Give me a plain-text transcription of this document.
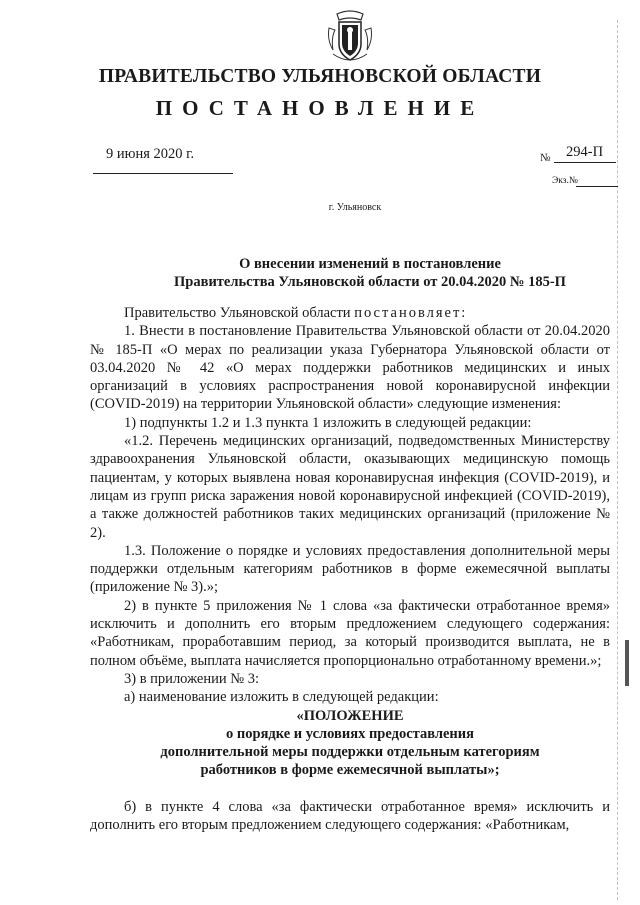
ПРАВИТЕЛЬСТВО УЛЬЯНОВСКОЙ ОБЛАСТИ
ПОСТАНОВЛЕНИЕ
9 июня 2020 г.	№ 294-П
Экз.№
г. Ульяновск
О внесении изменений в постановление
Правительства Ульяновской области от 20.04.2020 № 185-П

Правительство Ульяновской области постановляет:

1. Внести в постановление Правительства Ульяновской области от 20.04.2020 № 185-П «О мерах по реализации указа Губернатора Ульяновской области от 03.04.2020 № 42 «О мерах поддержки работников медицинских и иных организаций в условиях распространения новой коронавирусной инфекции (COVID-2019) на территории Ульяновской области» следующие изменения:

1) подпункты 1.2 и 1.3 пункта 1 изложить в следующей редакции:

«1.2. Перечень медицинских организаций, подведомственных Министерству здравоохранения Ульяновской области, оказывающих медицинскую помощь пациентам, у которых выявлена новая коронавирусная инфекция (COVID-2019), и лицам из групп риска заражения новой коронавирусной инфекцией (COVID-2019), а также должностей работников таких медицинских организаций (приложение № 2).

1.3. Положение о порядке и условиях предоставления дополнительной меры поддержки отдельным категориям работников в форме ежемесячной выплаты (приложение № 3).»;

2) в пункте 5 приложения № 1 слова «за фактически отработанное время» исключить и дополнить его вторым предложением следующего содержания: «Работникам, проработавшим период, за который производится выплата, не в полном объёме, выплата начисляется пропорционально отработанному времени.»;

3) в приложении № 3:

а) наименование изложить в следующей редакции:

«ПОЛОЖЕНИЕ

о порядке и условиях предоставления

дополнительной меры поддержки отдельным категориям

работников в форме ежемесячной выплаты»;

б) в пункте 4 слова «за фактически отработанное время» исключить и дополнить его вторым предложением следующего содержания: «Работникам,
